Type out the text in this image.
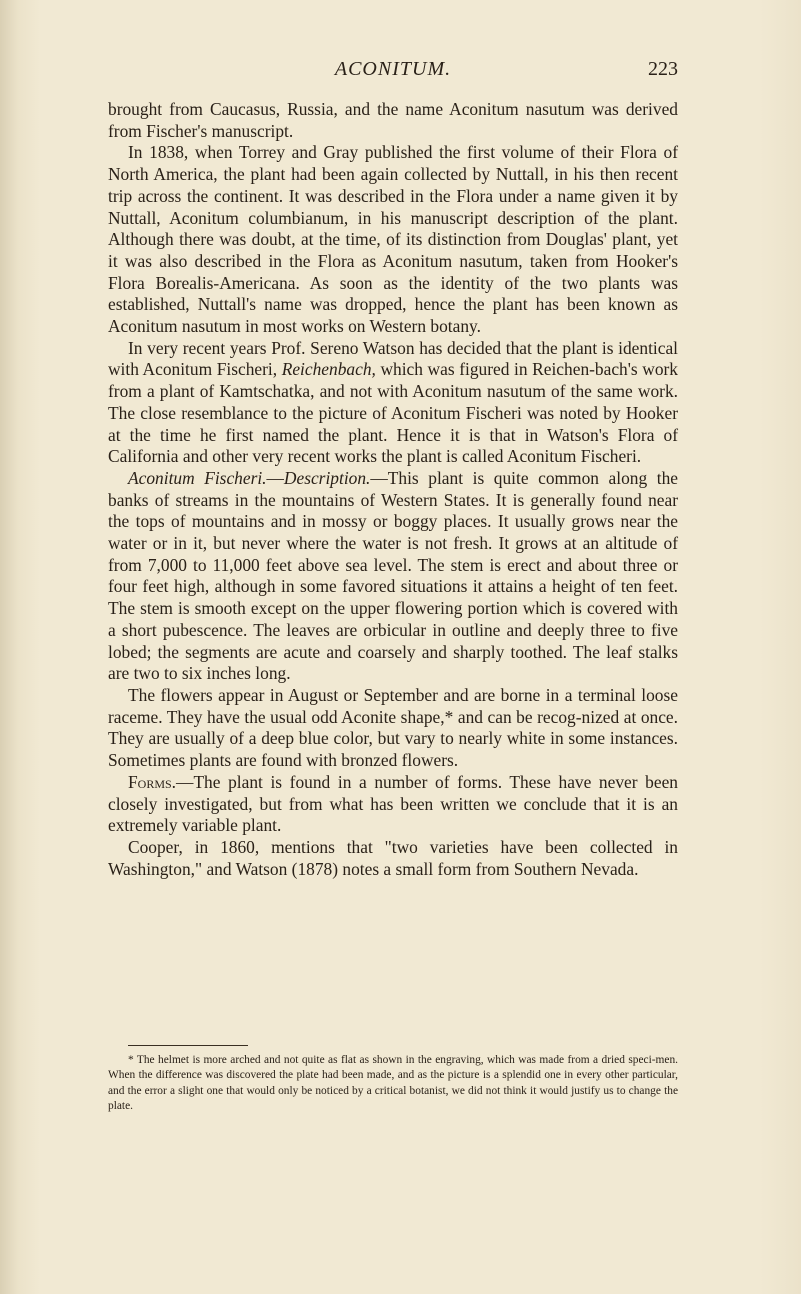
ACONITUM.	223

brought from Caucasus, Russia, and the name Aconitum nasutum was derived from Fischer's manuscript.

In 1838, when Torrey and Gray published the first volume of their Flora of North America, the plant had been again collected by Nuttall, in his then recent trip across the continent. It was described in the Flora under a name given it by Nuttall, Aconitum columbianum, in his manuscript description of the plant. Although there was doubt, at the time, of its distinction from Douglas' plant, yet it was also described in the Flora as Aconitum nasutum, taken from Hooker's Flora Borealis-Americana. As soon as the identity of the two plants was established, Nuttall's name was dropped, hence the plant has been known as Aconitum nasutum in most works on Western botany.

In very recent years Prof. Sereno Watson has decided that the plant is identical with Aconitum Fischeri, Reichenbach, which was figured in Reichen-bach's work from a plant of Kamtschatka, and not with Aconitum nasutum of the same work. The close resemblance to the picture of Aconitum Fischeri was noted by Hooker at the time he first named the plant. Hence it is that in Watson's Flora of California and other very recent works the plant is called Aconitum Fischeri.

Aconitum Fischeri.—Description.—This plant is quite common along the banks of streams in the mountains of Western States. It is generally found near the tops of mountains and in mossy or boggy places. It usually grows near the water or in it, but never where the water is not fresh. It grows at an altitude of from 7,000 to 11,000 feet above sea level. The stem is erect and about three or four feet high, although in some favored situations it attains a height of ten feet. The stem is smooth except on the upper flowering portion which is covered with a short pubescence. The leaves are orbicular in outline and deeply three to five lobed; the segments are acute and coarsely and sharply toothed. The leaf stalks are two to six inches long.

The flowers appear in August or September and are borne in a terminal loose raceme. They have the usual odd Aconite shape,* and can be recog-nized at once. They are usually of a deep blue color, but vary to nearly white in some instances. Sometimes plants are found with bronzed flowers.

Forms.—The plant is found in a number of forms. These have never been closely investigated, but from what has been written we conclude that it is an extremely variable plant.

Cooper, in 1860, mentions that "two varieties have been collected in Washington," and Watson (1878) notes a small form from Southern Nevada.

* The helmet is more arched and not quite as flat as shown in the engraving, which was made from a dried speci-men. When the difference was discovered the plate had been made, and as the picture is a splendid one in every other particular, and the error a slight one that would only be noticed by a critical botanist, we did not think it would justify us to change the plate.
